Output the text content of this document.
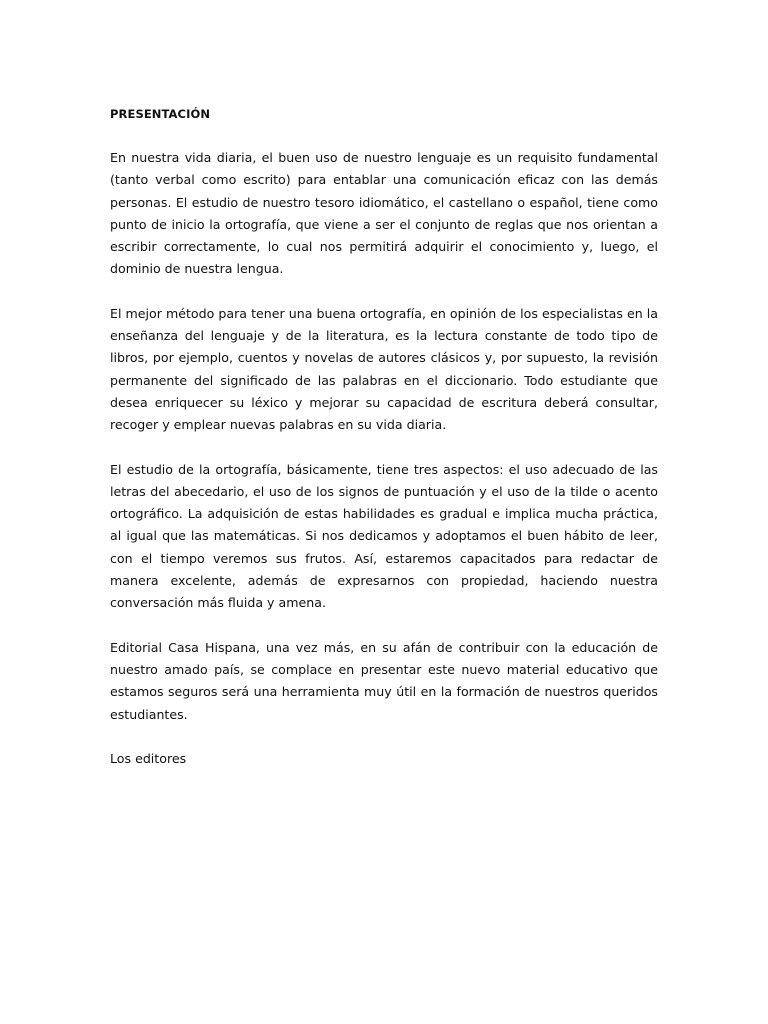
PRESENTACIÓN

En nuestra vida diaria, el buen uso de nuestro lenguaje es un requisito fundamental (tanto verbal como escrito) para entablar una comunicación eficaz con las demás personas. El estudio de nuestro tesoro idiomático, el castellano o español, tiene como punto de inicio la ortografía, que viene a ser el conjunto de reglas que nos orientan a escribir correctamente, lo cual nos permitirá adquirir el conocimiento y, luego, el dominio de nuestra lengua.

El mejor método para tener una buena ortografía, en opinión de los especialistas en la enseñanza del lenguaje y de la literatura, es la lectura constante de todo tipo de libros, por ejemplo, cuentos y novelas de autores clásicos y, por supuesto, la revisión permanente del significado de las palabras en el diccionario. Todo estudiante que desea enriquecer su léxico y mejorar su capacidad de escritura deberá consultar, recoger y emplear nuevas palabras en su vida diaria.

El estudio de la ortografía, básicamente, tiene tres aspectos: el uso adecuado de las letras del abecedario, el uso de los signos de puntuación y el uso de la tilde o acento ortográfico. La adquisición de estas habilidades es gradual e implica mucha práctica, al igual que las matemáticas. Si nos dedicamos y adoptamos el buen hábito de leer, con el tiempo veremos sus frutos. Así, estaremos capacitados para redactar de manera excelente, además de expresarnos con propiedad, haciendo nuestra conversación más fluida y amena.

Editorial Casa Hispana, una vez más, en su afán de contribuir con la educación de nuestro amado país, se complace en presentar este nuevo material educativo que estamos seguros será una herramienta muy útil en la formación de nuestros queridos estudiantes.

Los editores
